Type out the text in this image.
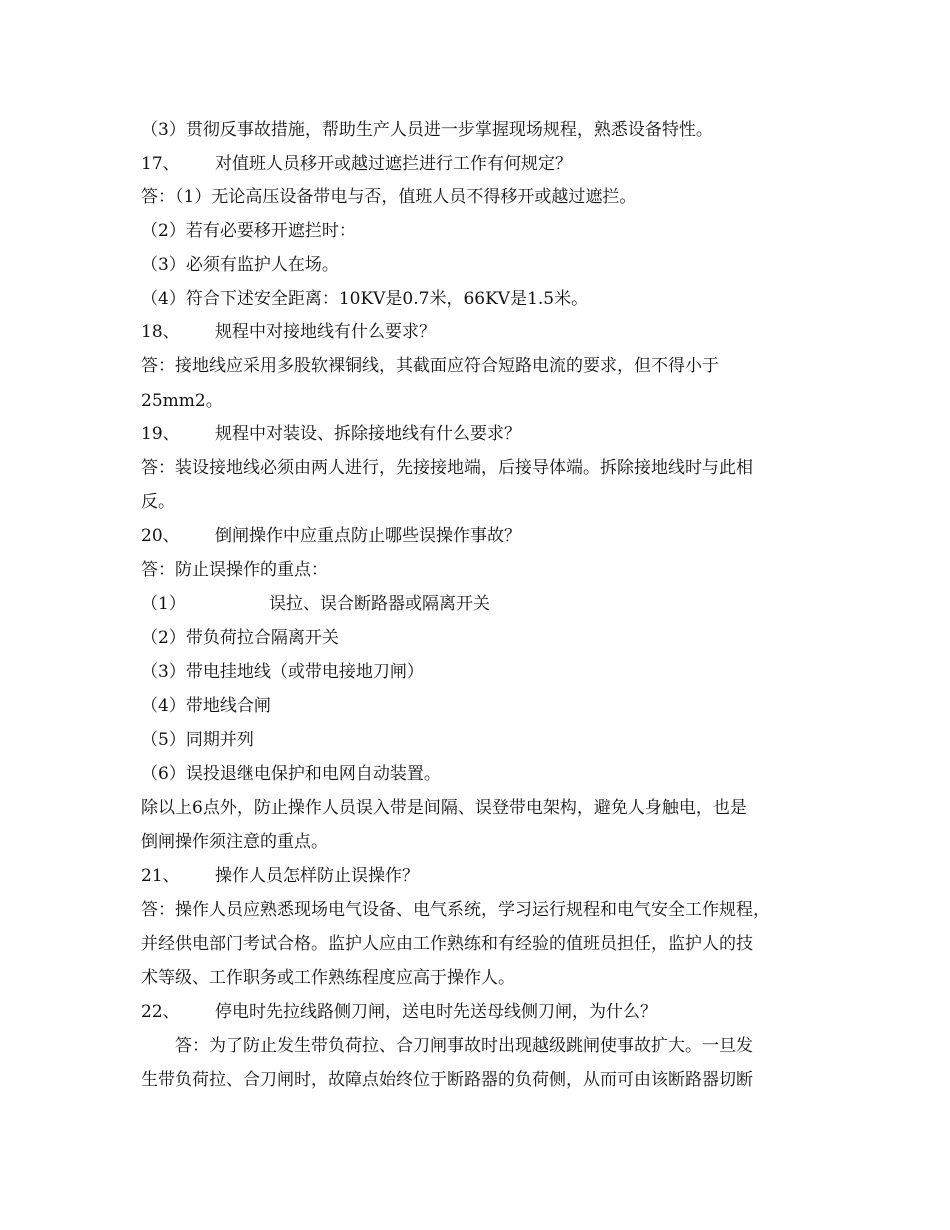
（3）贯彻反事故措施，帮助生产人员进一步掌握现场规程，熟悉设备特性。
17、 对值班人员移开或越过遮拦进行工作有何规定？
答：（1）无论高压设备带电与否，值班人员不得移开或越过遮拦。
（2）若有必要移开遮拦时：
（3）必须有监护人在场。
（4）符合下述安全距离：10KV是0.7米，66KV是1.5米。
18、 规程中对接地线有什么要求？
答：接地线应采用多股软裸铜线，其截面应符合短路电流的要求，但不得小于
25mm2。
19、 规程中对装设、拆除接地线有什么要求？
答：装设接地线必须由两人进行，先接接地端，后接导体端。拆除接地线时与此相
反。
20、 倒闸操作中应重点防止哪些误操作事故？
答：防止误操作的重点：
（1）	误拉、误合断路器或隔离开关
（2）带负荷拉合隔离开关
（3）带电挂地线（或带电接地刀闸）
（4）带地线合闸
（5）同期并列
（6）误投退继电保护和电网自动装置。
除以上6点外，防止操作人员误入带是间隔、误登带电架构，避免人身触电，也是
倒闸操作须注意的重点。
21、 操作人员怎样防止误操作？
答：操作人员应熟悉现场电气设备、电气系统，学习运行规程和电气安全工作规程，
并经供电部门考试合格。监护人应由工作熟练和有经验的值班员担任，监护人的技
术等级、工作职务或工作熟练程度应高于操作人。
22、 停电时先拉线路侧刀闸，送电时先送母线侧刀闸，为什么？
答：为了防止发生带负荷拉、合刀闸事故时出现越级跳闸使事故扩大。一旦发
生带负荷拉、合刀闸时，故障点始终位于断路器的负荷侧，从而可由该断路器切断
